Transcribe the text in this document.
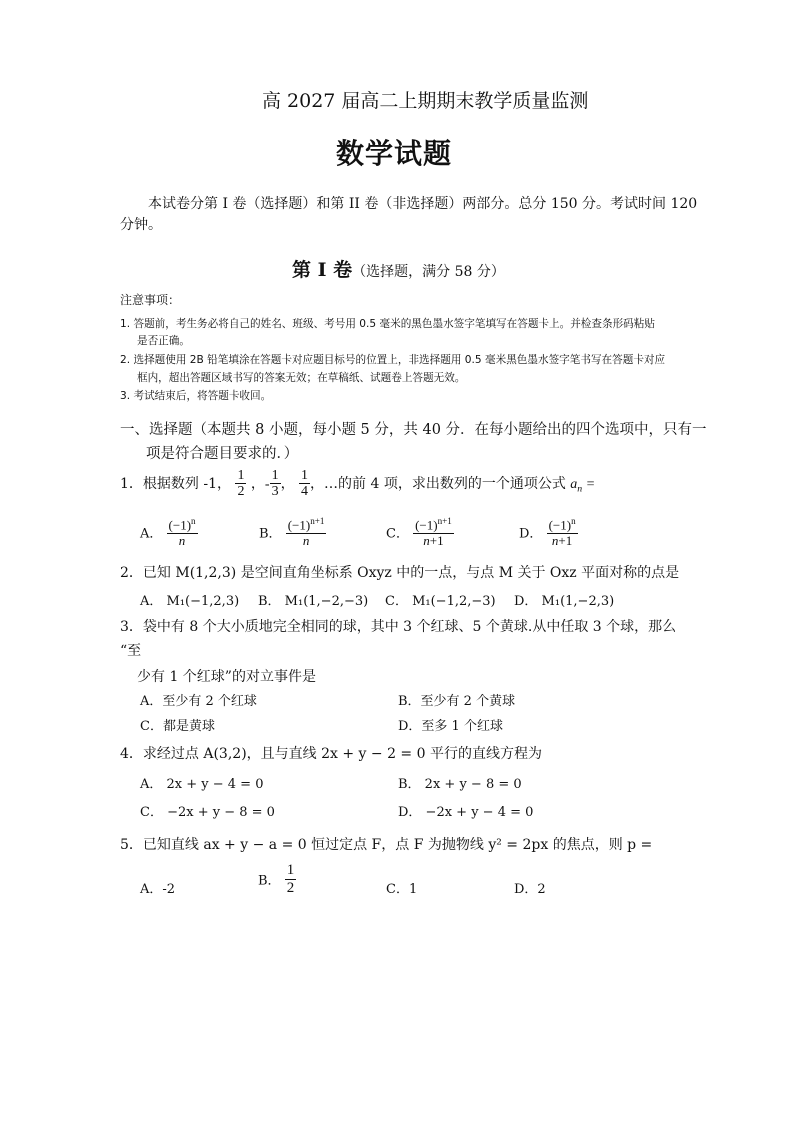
高 2027 届高二上期期末教学质量监测
数学试题
本试卷分第 I 卷（选择题）和第 II 卷（非选择题）两部分。总分 150 分。考试时间 120
分钟。
第 Ⅰ 卷（选择题，满分 58 分）
注意事项：
1. 答题前，考生务必将自己的姓名、班级、考号用 0.5 毫米的黑色墨水签字笔填写在答题卡上。并检查条形码粘贴
是否正确。
2. 选择题使用 2B 铅笔填涂在答题卡对应题目标号的位置上，非选择题用 0.5 毫米黑色墨水签字笔书写在答题卡对应
框内，超出答题区域书写的答案无效；在草稿纸、试题卷上答题无效。
3. 考试结束后，将答题卡收回。
一、选择题（本题共 8 小题，每小题 5 分，共 40 分．在每小题给出的四个选项中，只有一
项是符合题目要求的．）
1．根据数列 -1， $\frac{1}{2}$ ，- $\frac{1}{3}$ ， $\frac{1}{4}$ ，…的前 4 项，求出数列的一个通项公式 $a_n$ =
A． $\frac{(-1)^n}{n}$	B． $\frac{(-1)^{n+1}}{n}$	C． $\frac{(-1)^{n+1}}{n+1}$	D． $\frac{(-1)^n}{n+1}$
2．已知 M(1,2,3) 是空间直角坐标系 Oxyz 中的一点，与点 M 关于 Oxz 平面对称的点是
A． M₁(−1,2,3) B． M₁(1,−2,−3) C． M₁(−1,2,−3) D． M₁(1,−2,3)
3．袋中有 8 个大小质地完全相同的球，其中 3 个红球、5 个黄球.从中任取 3 个球，那么
“至
少有 1 个红球”的对立事件是
A．至少有 2 个红球	B．至少有 2 个黄球
C．都是黄球	D．至多 1 个红球
4．求经过点 A(3,2)，且与直线 2x + y − 2 = 0 平行的直线方程为
A． 2x + y − 4 = 0	B． 2x + y − 8 = 0
C． −2x + y − 8 = 0	D． −2x + y − 4 = 0
5．已知直线 ax + y − a = 0 恒过定点 F，点 F 为抛物线 y² = 2px 的焦点，则 p =
A．-2
B． $\frac{1}{2}$	C．1	D．2
